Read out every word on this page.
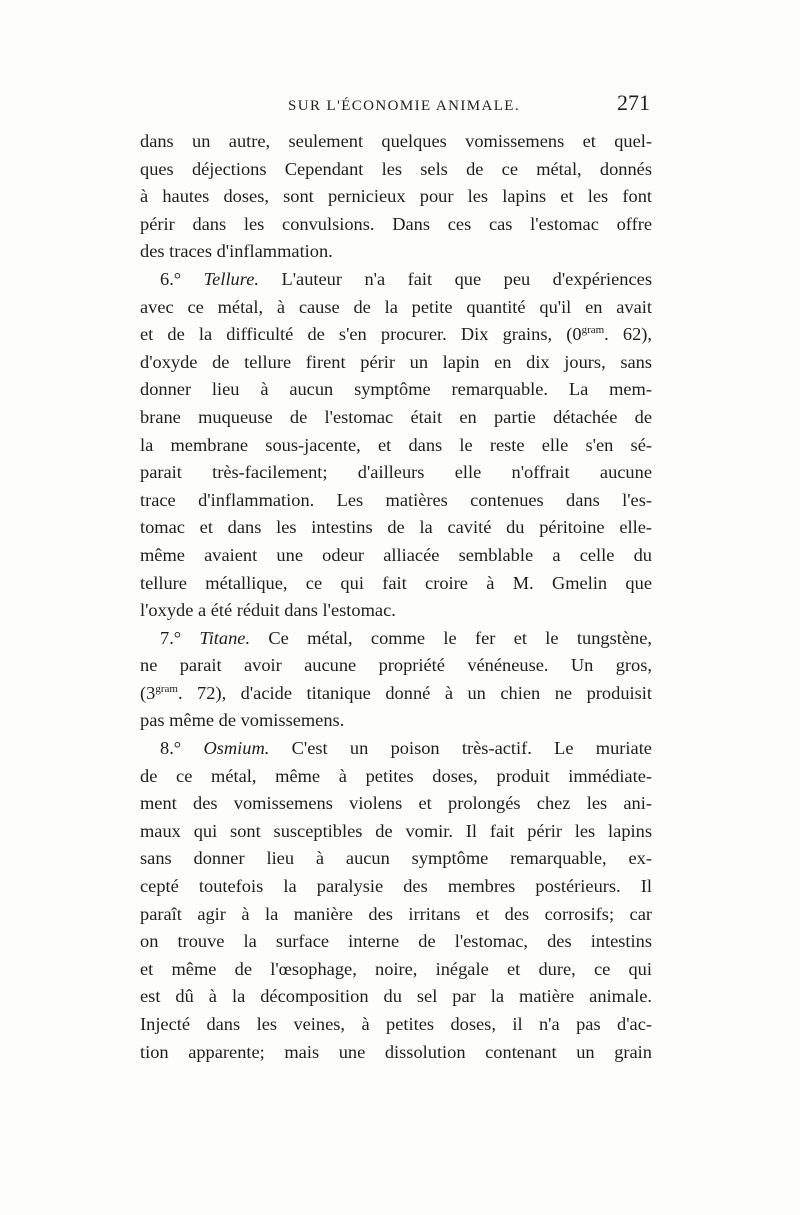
SUR L'ÉCONOMIE ANIMALE.	271
dans un autre, seulement quelques vomissemens et quel-
ques déjections Cependant les sels de ce métal, donnés
à hautes doses, sont pernicieux pour les lapins et les font
périr dans les convulsions. Dans ces cas l'estomac offre
des traces d'inflammation.
6.° Tellure. L'auteur n'a fait que peu d'expériences
avec ce métal, à cause de la petite quantité qu'il en avait
et de la difficulté de s'en procurer. Dix grains, ($0^{gram}$. 62),
d'oxyde de tellure firent périr un lapin en dix jours, sans
donner lieu à aucun symptôme remarquable. La mem-
brane muqueuse de l'estomac était en partie détachée de
la membrane sous-jacente, et dans le reste elle s'en sé-
parait très-facilement; d'ailleurs elle n'offrait aucune
trace d'inflammation. Les matières contenues dans l'es-
tomac et dans les intestins de la cavité du péritoine elle-
même avaient une odeur alliacée semblable a celle du
tellure métallique, ce qui fait croire à M. Gmelin que
l'oxyde a été réduit dans l'estomac.
7.° Titane. Ce métal, comme le fer et le tungstène,
ne parait avoir aucune propriété vénéneuse. Un gros,
($3^{gram}$. 72), d'acide titanique donné à un chien ne produisit
pas même de vomissemens.
8.° Osmium. C'est un poison très-actif. Le muriate
de ce métal, même à petites doses, produit immédiate-
ment des vomissemens violens et prolongés chez les ani-
maux qui sont susceptibles de vomir. Il fait périr les lapins
sans donner lieu à aucun symptôme remarquable, ex-
cepté toutefois la paralysie des membres postérieurs. Il
paraît agir à la manière des irritans et des corrosifs; car
on trouve la surface interne de l'estomac, des intestins
et même de l'œsophage, noire, inégale et dure, ce qui
est dû à la décomposition du sel par la matière animale.
Injecté dans les veines, à petites doses, il n'a pas d'ac-
tion apparente; mais une dissolution contenant un grain
